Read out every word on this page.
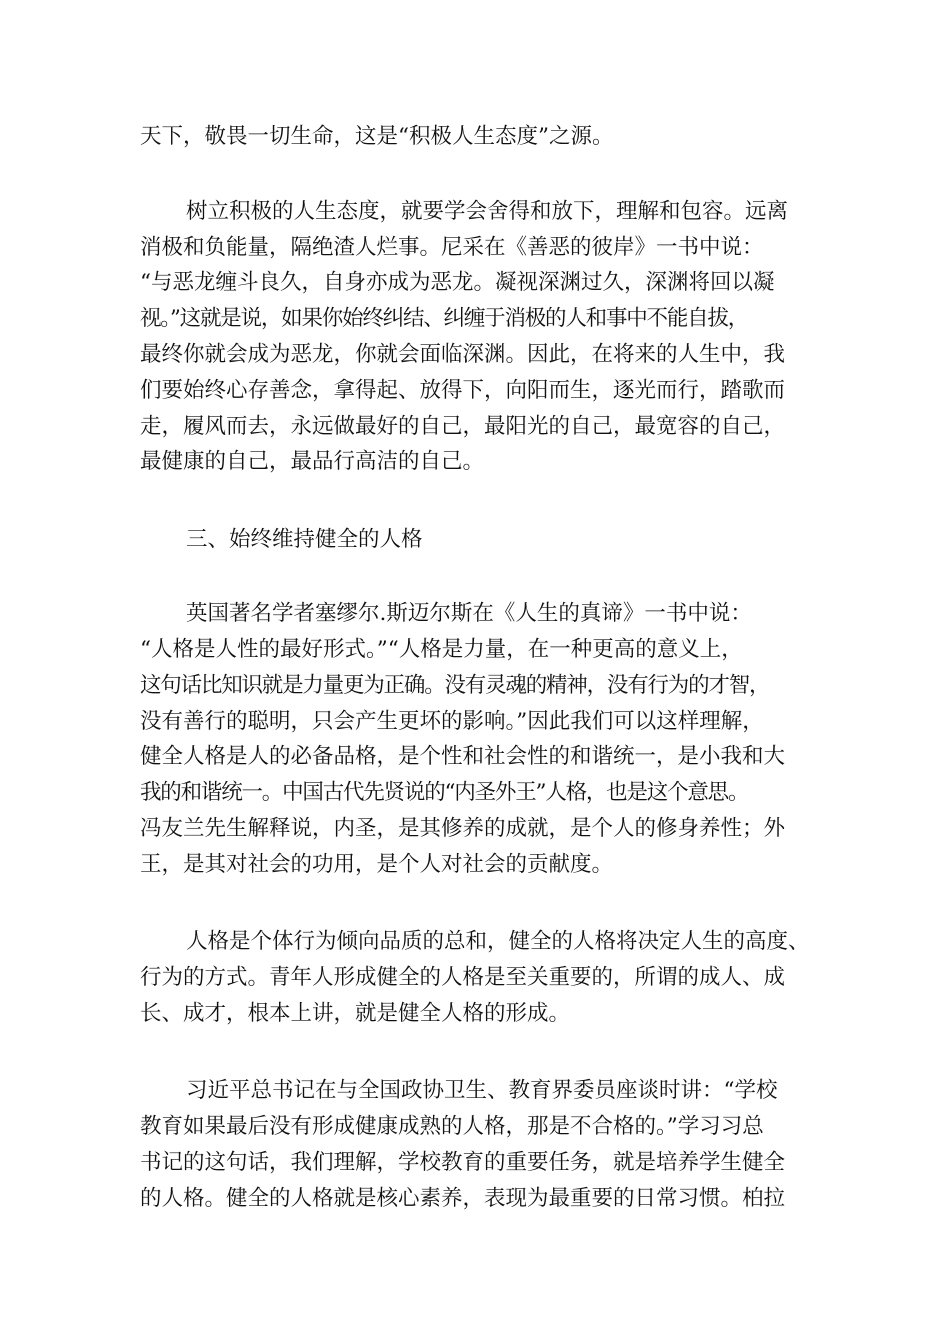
天下，敬畏一切生命，这是“积极人生态度”之源。
树立积极的人生态度，就要学会舍得和放下，理解和包容。远离
消极和负能量，隔绝渣人烂事。尼采在《善恶的彼岸》一书中说：
“与恶龙缠斗良久，自身亦成为恶龙。凝视深渊过久，深渊将回以凝
视。”这就是说，如果你始终纠结、纠缠于消极的人和事中不能自拔，
最终你就会成为恶龙，你就会面临深渊。因此，在将来的人生中，我
们要始终心存善念，拿得起、放得下，向阳而生，逐光而行，踏歌而
走，履风而去，永远做最好的自己，最阳光的自己，最宽容的自己，
最健康的自己，最品行高洁的自己。
三、始终维持健全的人格
英国著名学者塞缪尔.斯迈尔斯在《人生的真谛》一书中说：
“人格是人性的最好形式。”“人格是力量，在一种更高的意义上，
这句话比知识就是力量更为正确。没有灵魂的精神，没有行为的才智，
没有善行的聪明，只会产生更坏的影响。”因此我们可以这样理解，
健全人格是人的必备品格，是个性和社会性的和谐统一，是小我和大
我的和谐统一。中国古代先贤说的“内圣外王”人格，也是这个意思。
冯友兰先生解释说，内圣，是其修养的成就，是个人的修身养性；外
王，是其对社会的功用，是个人对社会的贡献度。
人格是个体行为倾向品质的总和，健全的人格将决定人生的高度、
行为的方式。青年人形成健全的人格是至关重要的，所谓的成人、成
长、成才，根本上讲，就是健全人格的形成。
习近平总书记在与全国政协卫生、教育界委员座谈时讲：“学校
教育如果最后没有形成健康成熟的人格，那是不合格的。”学习习总
书记的这句话，我们理解，学校教育的重要任务，就是培养学生健全
的人格。健全的人格就是核心素养，表现为最重要的日常习惯。柏拉
